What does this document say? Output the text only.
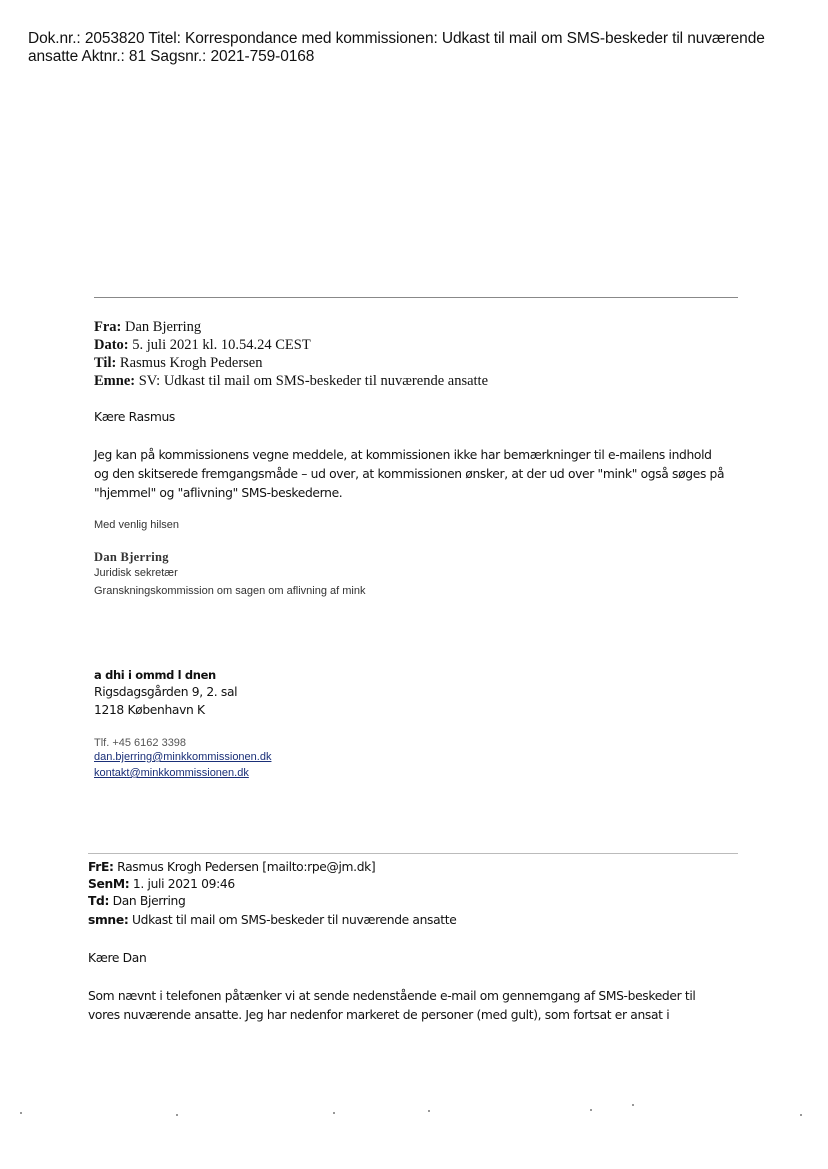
Dok.nr.: 2053820 Titel: Korrespondance med kommissionen: Udkast til mail om SMS-beskeder til nuværende
ansatte Aktnr.: 81 Sagsnr.: 2021-759-0168
Fra: Dan Bjerring
Dato: 5. juli 2021 kl. 10.54.24 CEST
Til: Rasmus Krogh Pedersen
Emne: SV: Udkast til mail om SMS-beskeder til nuværende ansatte
Kære Rasmus
Jeg kan på kommissionens vegne meddele, at kommissionen ikke har bemærkninger til e-mailens indhold
og den skitserede fremgangsmåde – ud over, at kommissionen ønsker, at der ud over "mink" også søges på
"hjemmel" og "aflivning" SMS-beskederne.
Med venlig hilsen
Dan Bjerring
Juridisk sekretær
Granskningskommission om sagen om aflivning af mink
a dhi i ommd l dnen
Rigsdagsgården 9, 2. sal
1218 København K
Tlf. +45 6162 3398
dan.bjerring@minkkommissionen.dk
kontakt@minkkommissionen.dk
FrE: Rasmus Krogh Pedersen [mailto:rpe@jm.dk]
SenM: 1. juli 2021 09:46
Td: Dan Bjerring
smne: Udkast til mail om SMS-beskeder til nuværende ansatte
Kære Dan
Som nævnt i telefonen påtænker vi at sende nedenstående e-mail om gennemgang af SMS-beskeder til
vores nuværende ansatte. Jeg har nedenfor markeret de personer (med gult), som fortsat er ansat i
